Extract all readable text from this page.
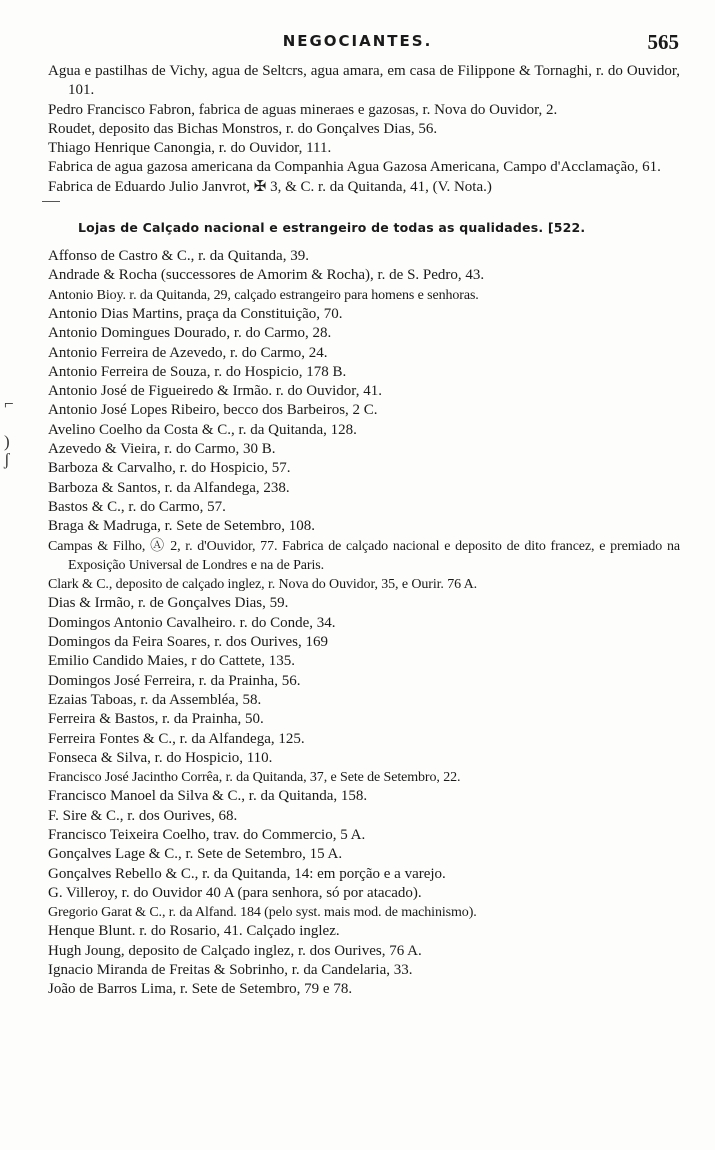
NEGOCIANTES.	565
⌐
)
ʃ

Agua e pastilhas de Vichy, agua de Seltcrs, agua amara, em casa de Filippone & Tornaghi, r. do Ouvidor, 101.

Pedro Francisco Fabron, fabrica de aguas mineraes e gazosas, r. Nova do Ouvidor, 2.

Roudet, deposito das Bichas Monstros, r. do Gonçalves Dias, 56.

Thiago Henrique Canongia, r. do Ouvidor, 111.

Fabrica de agua gazosa americana da Companhia Agua Gazosa Americana, Campo d'Acclamação, 61.

Fabrica de Eduardo Julio Janvrot, ✠ 3, & C. r. da Quitanda, 41, (V. Nota.)

Lojas de Calçado nacional e estrangeiro de todas as qualidades. [522.

Affonso de Castro & C., r. da Quitanda, 39.

Andrade & Rocha (successores de Amorim & Rocha), r. de S. Pedro, 43.

Antonio Bioy. r. da Quitanda, 29, calçado estrangeiro para homens e senhoras.

Antonio Dias Martins, praça da Constituição, 70.

Antonio Domingues Dourado, r. do Carmo, 28.

Antonio Ferreira de Azevedo, r. do Carmo, 24.

Antonio Ferreira de Souza, r. do Hospicio, 178 B.

Antonio José de Figueiredo & Irmão. r. do Ouvidor, 41.

Antonio José Lopes Ribeiro, becco dos Barbeiros, 2 C.

Avelino Coelho da Costa & C., r. da Quitanda, 128.

Azevedo & Vieira, r. do Carmo, 30 B.

Barboza & Carvalho, r. do Hospicio, 57.

Barboza & Santos, r. da Alfandega, 238.

Bastos & C., r. do Carmo, 57.

Braga & Madruga, r. Sete de Setembro, 108.

Campas & Filho, Ⓐ 2, r. d'Ouvidor, 77. Fabrica de calçado nacional e deposito de dito francez, e premiado na Exposição Universal de Londres e na de Paris.

Clark & C., deposito de calçado inglez, r. Nova do Ouvidor, 35, e Ourir. 76 A.

Dias & Irmão, r. de Gonçalves Dias, 59.

Domingos Antonio Cavalheiro. r. do Conde, 34.

Domingos da Feira Soares, r. dos Ourives, 169

Emilio Candido Maies, r do Cattete, 135.

Domingos José Ferreira, r. da Prainha, 56.

Ezaias Taboas, r. da Assembléa, 58.

Ferreira & Bastos, r. da Prainha, 50.

Ferreira Fontes & C., r. da Alfandega, 125.

Fonseca & Silva, r. do Hospicio, 110.

Francisco José Jacintho Corrêa, r. da Quitanda, 37, e Sete de Setembro, 22.

Francisco Manoel da Silva & C., r. da Quitanda, 158.

F. Sire & C., r. dos Ourives, 68.

Francisco Teixeira Coelho, trav. do Commercio, 5 A.

Gonçalves Lage & C., r. Sete de Setembro, 15 A.

Gonçalves Rebello & C., r. da Quitanda, 14: em porção e a varejo.

G. Villeroy, r. do Ouvidor 40 A (para senhora, só por atacado).

Gregorio Garat & C., r. da Alfand. 184 (pelo syst. mais mod. de machinismo).

Henque Blunt. r. do Rosario, 41. Calçado inglez.

Hugh Joung, deposito de Calçado inglez, r. dos Ourives, 76 A.

Ignacio Miranda de Freitas & Sobrinho, r. da Candelaria, 33.

João de Barros Lima, r. Sete de Setembro, 79 e 78.
